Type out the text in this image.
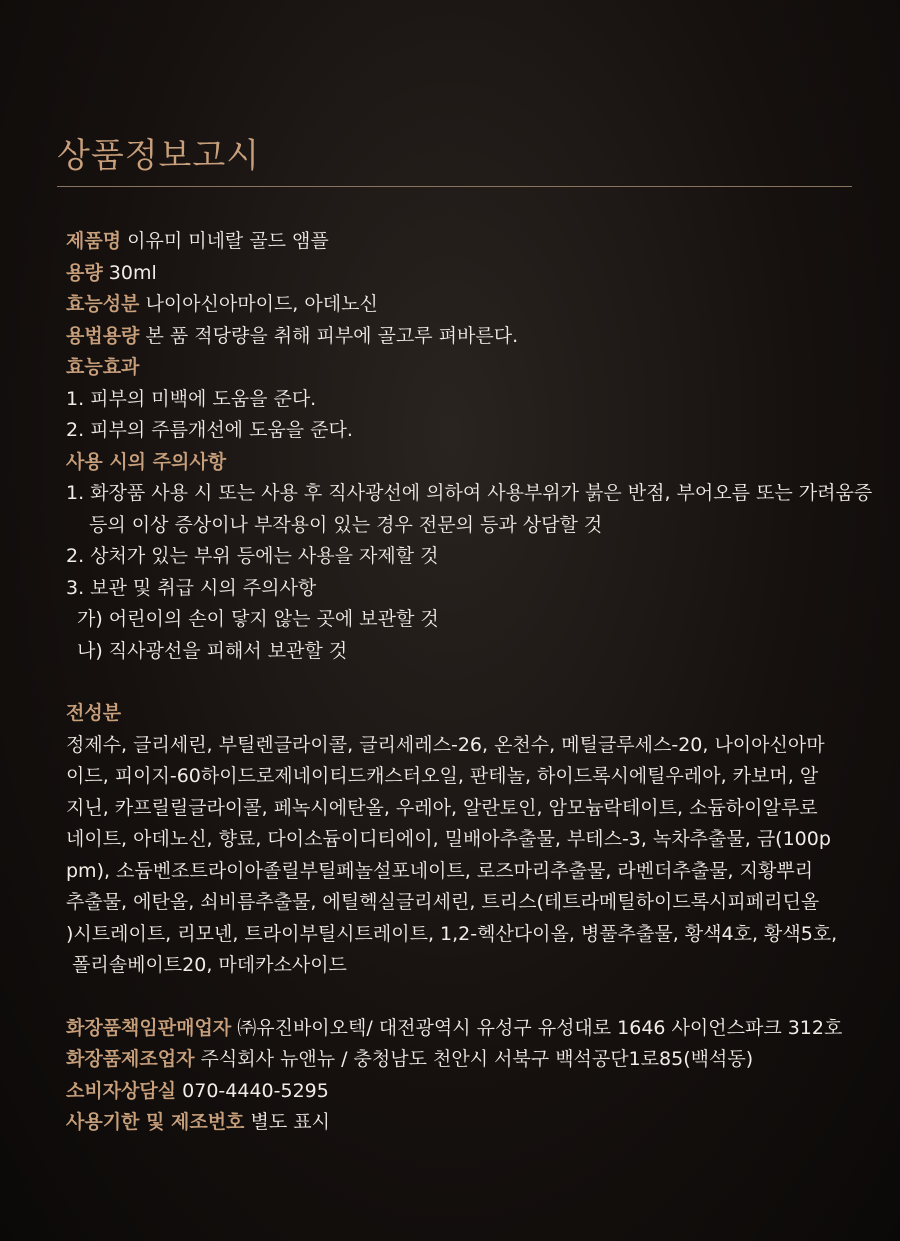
상품정보고시
제품명 이유미 미네랄 골드 앰플
용량 30ml
효능성분 나이아신아마이드, 아데노신
용법용량 본 품 적당량을 취해 피부에 골고루 펴바른다.
효능효과
1. 피부의 미백에 도움을 준다.
2. 피부의 주름개선에 도움을 준다.
사용 시의 주의사항
1. 화장품 사용 시 또는 사용 후 직사광선에 의하여 사용부위가 붉은 반점, 부어오름 또는 가려움증
등의 이상 증상이나 부작용이 있는 경우 전문의 등과 상담할 것
2. 상처가 있는 부위 등에는 사용을 자제할 것
3. 보관 및 취급 시의 주의사항
가) 어린이의 손이 닿지 않는 곳에 보관할 것
나) 직사광선을 피해서 보관할 것
전성분
정제수, 글리세린, 부틸렌글라이콜, 글리세레스-26, 온천수, 메틸글루세스-20, 나이아신아마
이드, 피이지-60하이드로제네이티드캐스터오일, 판테놀, 하이드록시에틸우레아, 카보머, 알
지닌, 카프릴릴글라이콜, 페녹시에탄올, 우레아, 알란토인, 암모늄락테이트, 소듐하이알루로
네이트, 아데노신, 향료, 다이소듐이디티에이, 밀배아추출물, 부테스-3, 녹차추출물, 금(100p
pm), 소듐벤조트라이아졸릴부틸페놀설포네이트, 로즈마리추출물, 라벤더추출물, 지황뿌리
추출물, 에탄올, 쇠비름추출물, 에틸헥실글리세린, 트리스(테트라메틸하이드록시피페리딘올
)시트레이트, 리모넨, 트라이부틸시트레이트, 1,2-헥산다이올, 병풀추출물, 황색4호, 황색5호,
폴리솔베이트20, 마데카소사이드
화장품책임판매업자 ㈜유진바이오텍/ 대전광역시 유성구 유성대로 1646 사이언스파크 312호
화장품제조업자 주식회사 뉴앤뉴 / 충청남도 천안시 서북구 백석공단1로85(백석동)
소비자상담실 070-4440-5295
사용기한 및 제조번호 별도 표시
